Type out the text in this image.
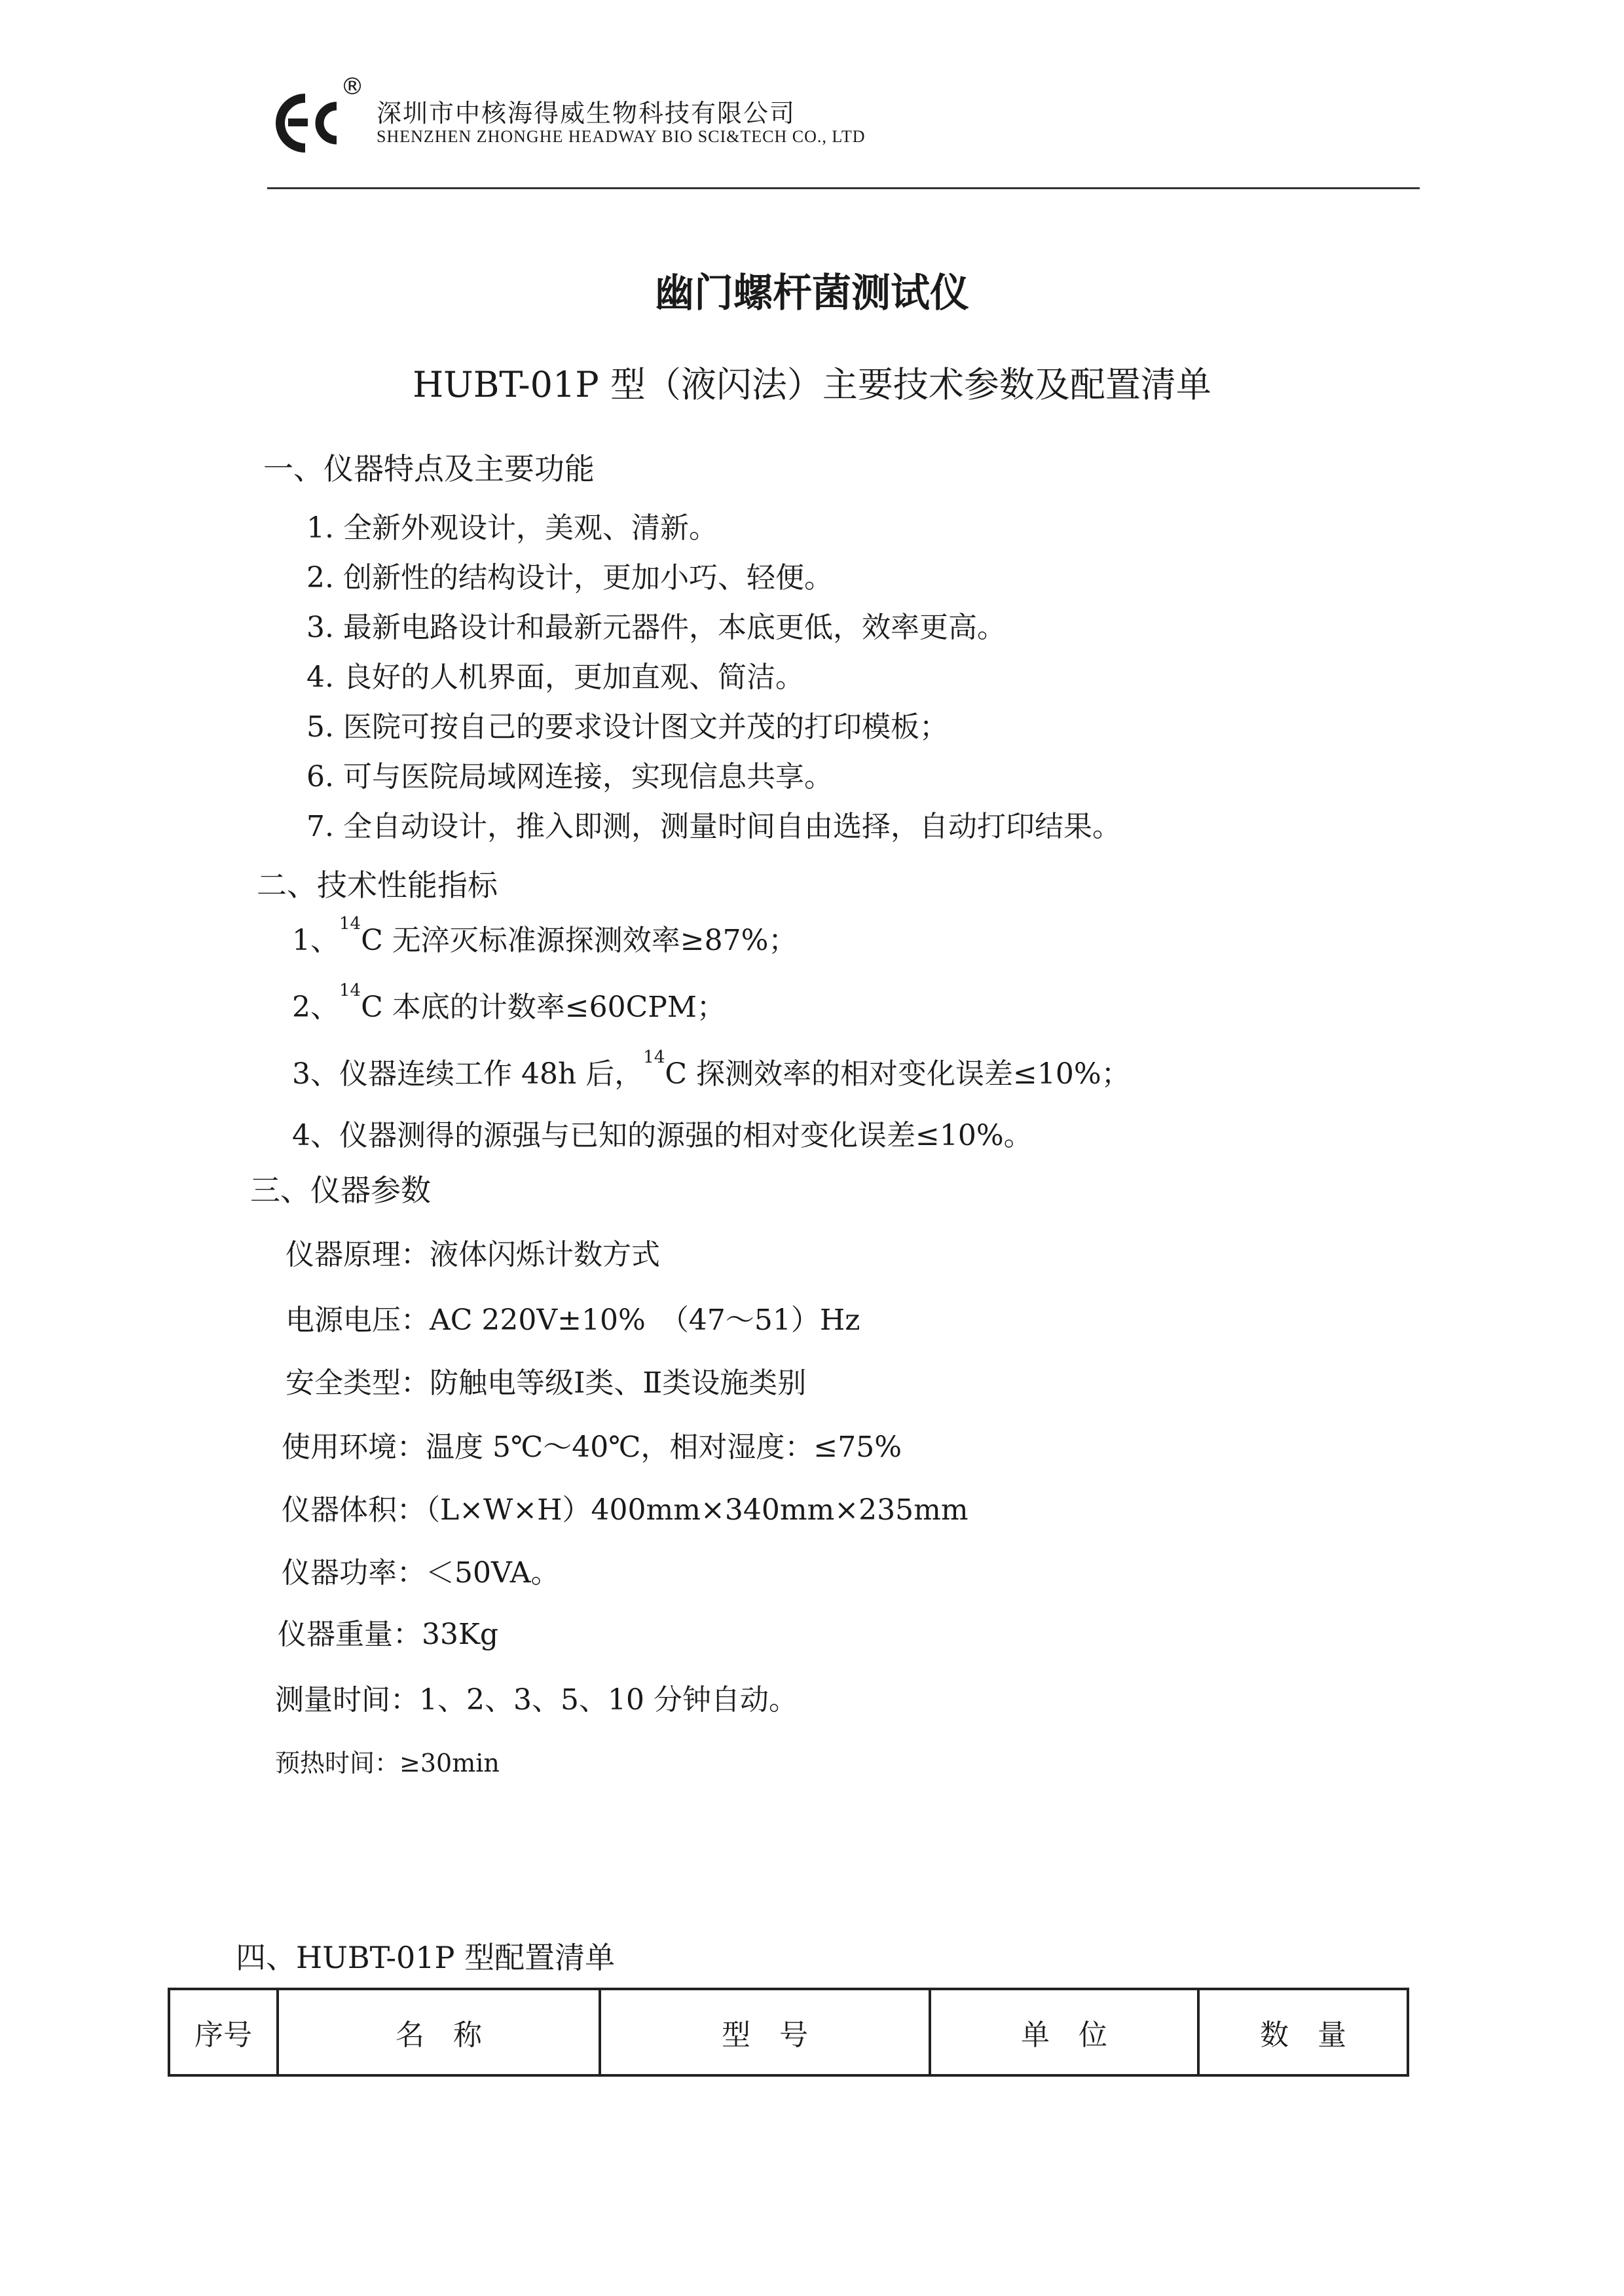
®
深圳市中核海得威生物科技有限公司
SHENZHEN ZHONGHE HEADWAY BIO SCI&TECH CO., LTD
幽门螺杆菌测试仪
HUBT-01P 型（液闪法）主要技术参数及配置清单
一、仪器特点及主要功能
1. 全新外观设计，美观、清新。
2. 创新性的结构设计，更加小巧、轻便。
3. 最新电路设计和最新元器件，本底更低，效率更高。
4. 良好的人机界面，更加直观、简洁。
5. 医院可按自己的要求设计图文并茂的打印模板；
6. 可与医院局域网连接，实现信息共享。
7. 全自动设计，推入即测，测量时间自由选择，自动打印结果。
二、技术性能指标
1、$^{14}$C 无淬灭标准源探测效率≥87%；
2、$^{14}$C 本底的计数率≤60CPM；
3、仪器连续工作 48h 后，$^{14}$C 探测效率的相对变化误差≤10%；
4、仪器测得的源强与已知的源强的相对变化误差≤10%。
三、仪器参数
仪器原理：液体闪烁计数方式
电源电压：AC 220V±10%　（47～51）Hz
安全类型：防触电等级Ⅰ类、Ⅱ类设施类别
使用环境：温度 5℃～40℃，相对湿度：≤75%
仪器体积：（L×W×H）400mm×340mm×235mm
仪器功率：＜50VA。
仪器重量：33Kg
测量时间：1、2、3、5、10 分钟自动。
预热时间：≥30min
四、HUBT-01P 型配置清单
序号	名　称	型　号	单　位	数　量
